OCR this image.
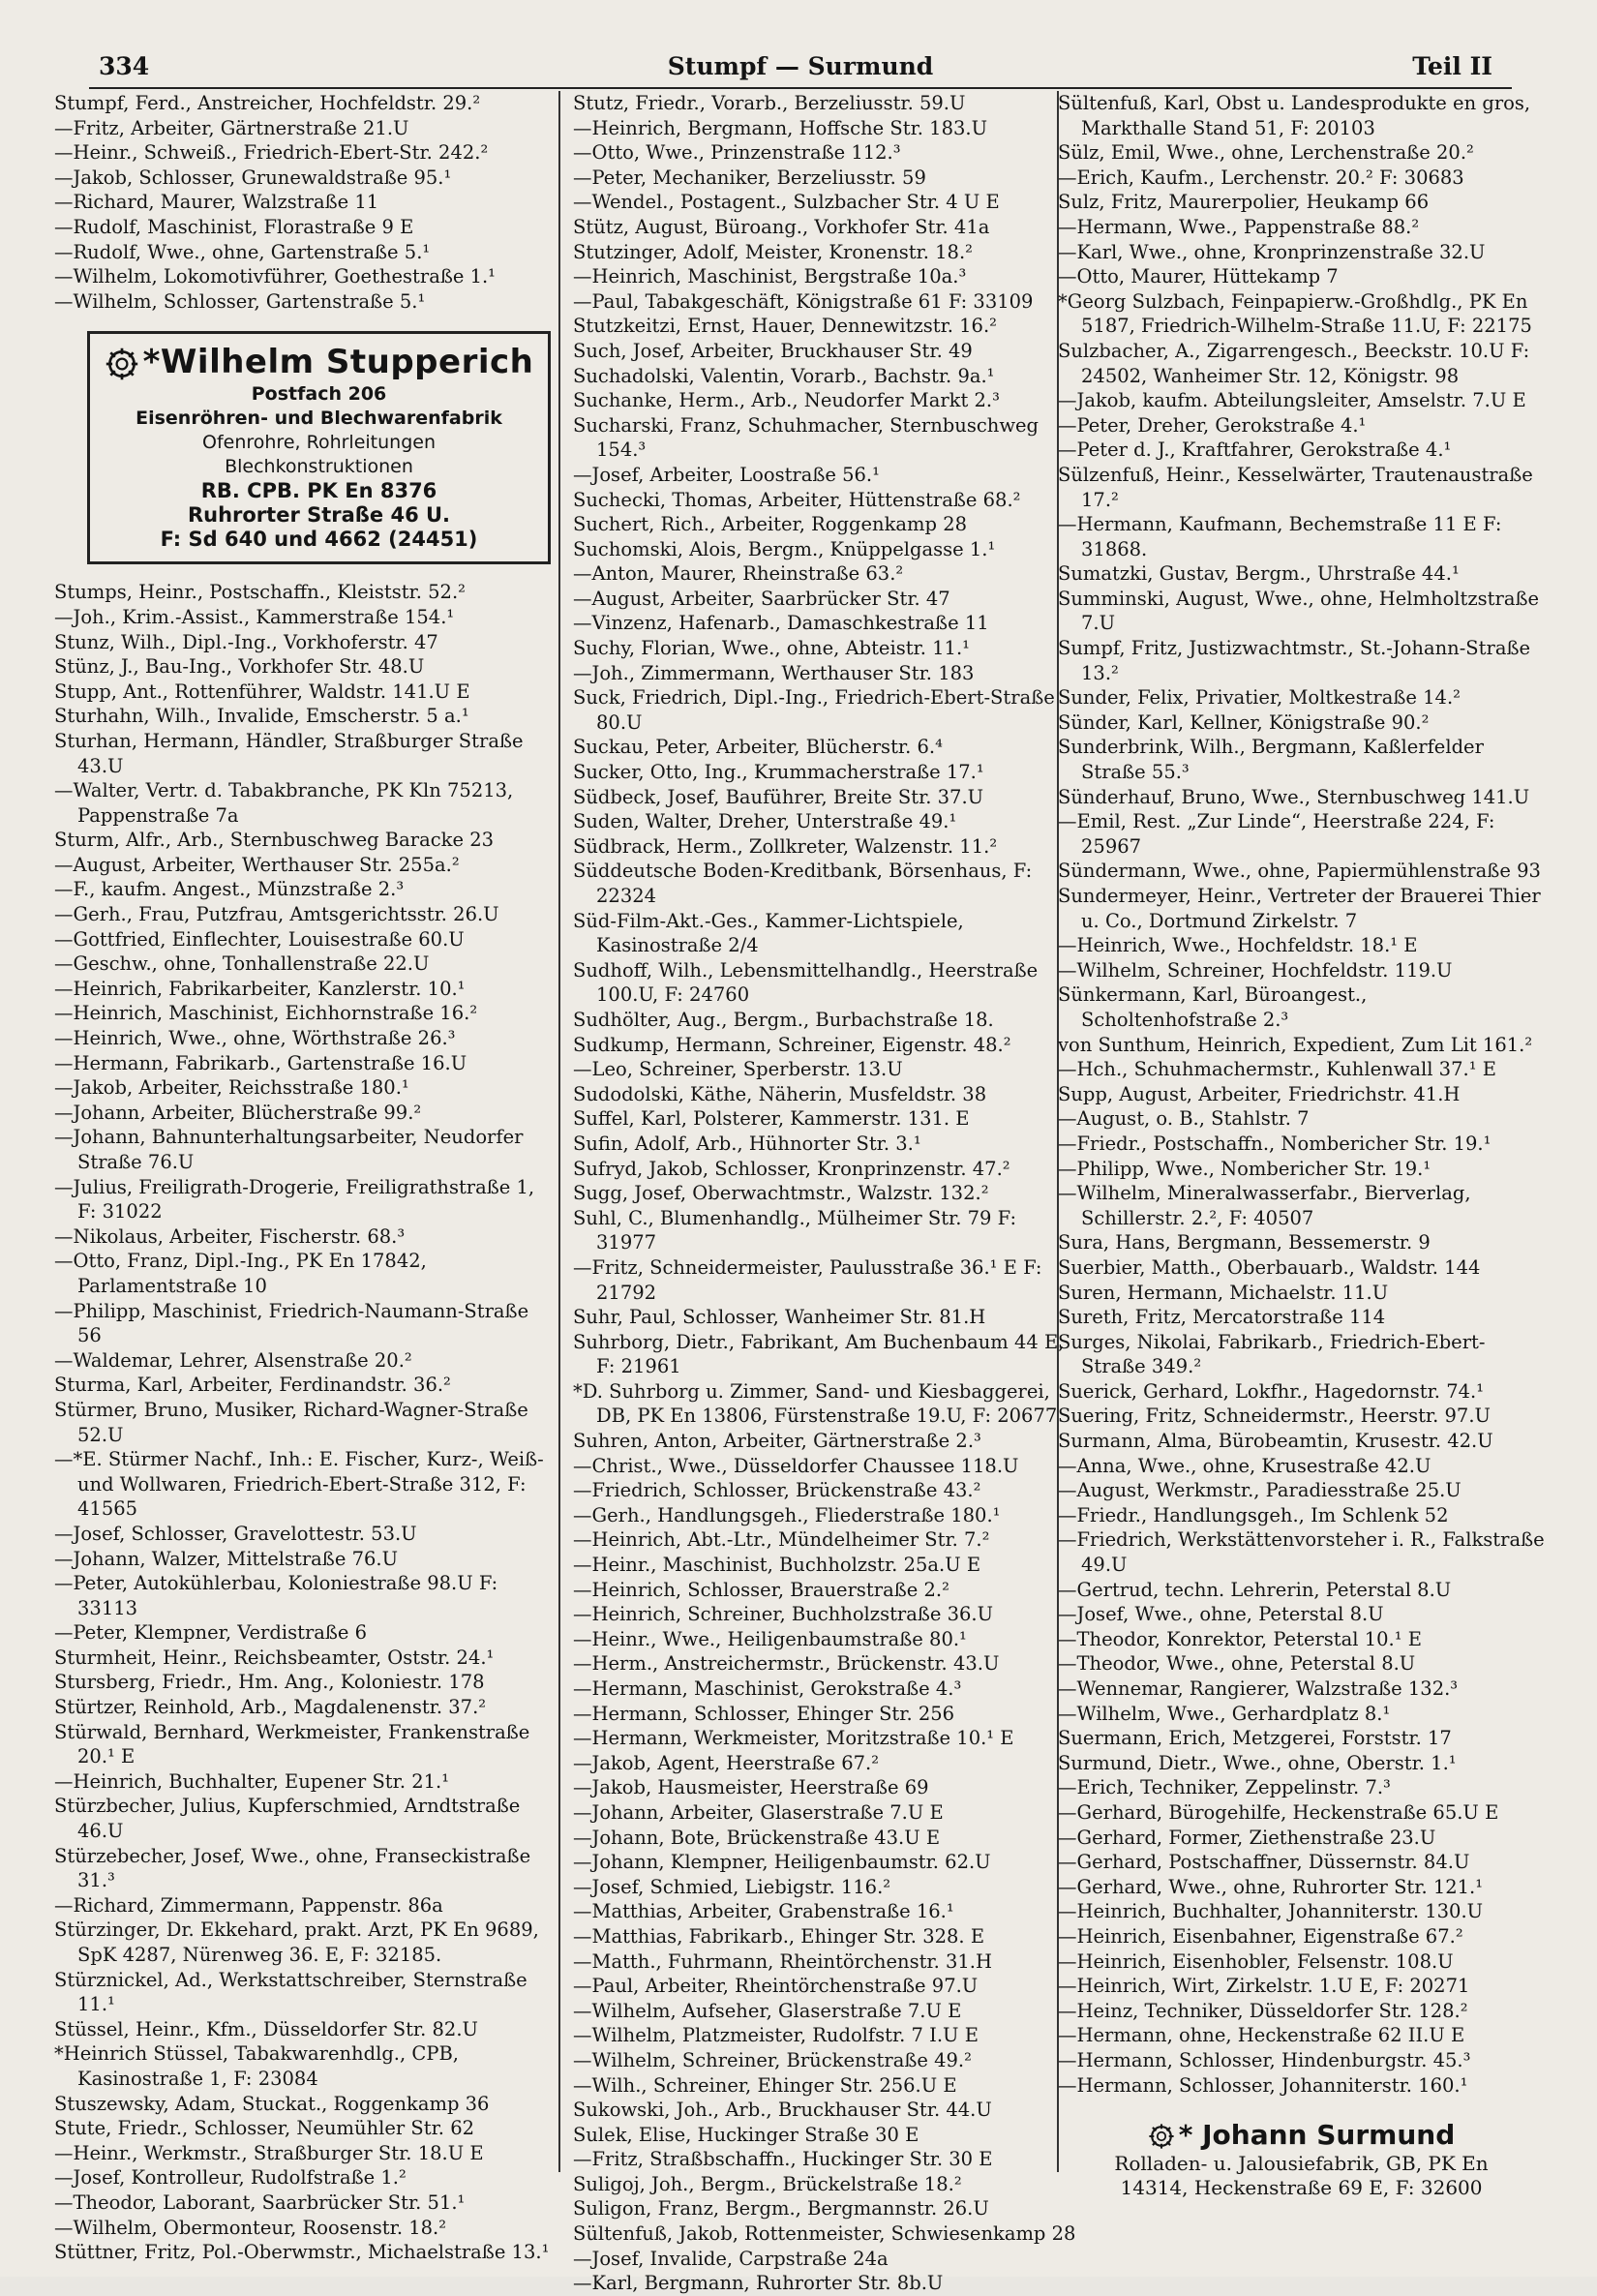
334	Stumpf — Surmund	Teil II
Stumpf, Ferd., Anstreicher, Hochfeldstr. 29.²
—Fritz, Arbeiter, Gärtnerstraße 21.U
—Heinr., Schweiß., Friedrich-Ebert-Str. 242.²
—Jakob, Schlosser, Grunewaldstraße 95.¹
—Richard, Maurer, Walzstraße 11
—Rudolf, Maschinist, Florastraße 9 E
—Rudolf, Wwe., ohne, Gartenstraße 5.¹
—Wilhelm, Lokomotivführer, Goethestraße 1.¹
—Wilhelm, Schlosser, Gartenstraße 5.¹
*Wilhelm Stupperich
Postfach 206
Eisenröhren- und Blechwarenfabrik
Ofenrohre, Rohrleitungen
Blechkonstruktionen
RB. CPB. PK En 8376
Ruhrorter Straße 46 U.
F: Sd 640 und 4662 (24451)
Stumps, Heinr., Postschaffn., Kleiststr. 52.²
—Joh., Krim.-Assist., Kammerstraße 154.¹
Stunz, Wilh., Dipl.-Ing., Vorkhoferstr. 47
Stünz, J., Bau-Ing., Vorkhofer Str. 48.U
Stupp, Ant., Rottenführer, Waldstr. 141.U E
Sturhahn, Wilh., Invalide, Emscherstr. 5 a.¹
Sturhan, Hermann, Händler, Straßburger Straße 43.U
—Walter, Vertr. d. Tabakbranche, PK Kln 75213, Pappenstraße 7a
Sturm, Alfr., Arb., Sternbuschweg Baracke 23
—August, Arbeiter, Werthauser Str. 255a.²
—F., kaufm. Angest., Münzstraße 2.³
—Gerh., Frau, Putzfrau, Amtsgerichtsstr. 26.U
—Gottfried, Einflechter, Louisestraße 60.U
—Geschw., ohne, Tonhallenstraße 22.U
—Heinrich, Fabrikarbeiter, Kanzlerstr. 10.¹
—Heinrich, Maschinist, Eichhornstraße 16.²
—Heinrich, Wwe., ohne, Wörthstraße 26.³
—Hermann, Fabrikarb., Gartenstraße 16.U
—Jakob, Arbeiter, Reichsstraße 180.¹
—Johann, Arbeiter, Blücherstraße 99.²
—Johann, Bahnunterhaltungsarbeiter, Neudorfer Straße 76.U
—Julius, Freiligrath-Drogerie, Freiligrathstraße 1, F: 31022
—Nikolaus, Arbeiter, Fischerstr. 68.³
—Otto, Franz, Dipl.-Ing., PK En 17842, Parlamentstraße 10
—Philipp, Maschinist, Friedrich-Naumann-Straße 56
—Waldemar, Lehrer, Alsenstraße 20.²
Sturma, Karl, Arbeiter, Ferdinandstr. 36.²
Stürmer, Bruno, Musiker, Richard-Wagner-Straße 52.U
—*E. Stürmer Nachf., Inh.: E. Fischer, Kurz-, Weiß- und Wollwaren, Friedrich-Ebert-Straße 312, F: 41565
—Josef, Schlosser, Gravelottestr. 53.U
—Johann, Walzer, Mittelstraße 76.U
—Peter, Autokühlerbau, Koloniestraße 98.U F: 33113
—Peter, Klempner, Verdistraße 6
Sturmheit, Heinr., Reichsbeamter, Oststr. 24.¹
Stursberg, Friedr., Hm. Ang., Koloniestr. 178
Stürtzer, Reinhold, Arb., Magdalenenstr. 37.²
Stürwald, Bernhard, Werkmeister, Frankenstraße 20.¹ E
—Heinrich, Buchhalter, Eupener Str. 21.¹
Stürzbecher, Julius, Kupferschmied, Arndtstraße 46.U
Stürzebecher, Josef, Wwe., ohne, Franseckistraße 31.³
—Richard, Zimmermann, Pappenstr. 86a
Stürzinger, Dr. Ekkehard, prakt. Arzt, PK En 9689, SpK 4287, Nürenweg 36. E, F: 32185.
Stürznickel, Ad., Werkstattschreiber, Sternstraße 11.¹
Stüssel, Heinr., Kfm., Düsseldorfer Str. 82.U
*Heinrich Stüssel, Tabakwarenhdlg., CPB, Kasinostraße 1, F: 23084
Stuszewsky, Adam, Stuckat., Roggenkamp 36
Stute, Friedr., Schlosser, Neumühler Str. 62
—Heinr., Werkmstr., Straßburger Str. 18.U E
—Josef, Kontrolleur, Rudolfstraße 1.²
—Theodor, Laborant, Saarbrücker Str. 51.¹
—Wilhelm, Obermonteur, Roosenstr. 18.²
Stüttner, Fritz, Pol.-Oberwmstr., Michaelstraße 13.¹
Stutz, Friedr., Vorarb., Berzeliusstr. 59.U
—Heinrich, Bergmann, Hoffsche Str. 183.U
—Otto, Wwe., Prinzenstraße 112.³
—Peter, Mechaniker, Berzeliusstr. 59
—Wendel., Postagent., Sulzbacher Str. 4 U E
Stütz, August, Büroang., Vorkhofer Str. 41a
Stutzinger, Adolf, Meister, Kronenstr. 18.²
—Heinrich, Maschinist, Bergstraße 10a.³
—Paul, Tabakgeschäft, Königstraße 61 F: 33109
Stutzkeitzi, Ernst, Hauer, Dennewitzstr. 16.²
Such, Josef, Arbeiter, Bruckhauser Str. 49
Suchadolski, Valentin, Vorarb., Bachstr. 9a.¹
Suchanke, Herm., Arb., Neudorfer Markt 2.³
Sucharski, Franz, Schuhmacher, Sternbuschweg 154.³
—Josef, Arbeiter, Loostraße 56.¹
Suchecki, Thomas, Arbeiter, Hüttenstraße 68.²
Suchert, Rich., Arbeiter, Roggenkamp 28
Suchomski, Alois, Bergm., Knüppelgasse 1.¹
—Anton, Maurer, Rheinstraße 63.²
—August, Arbeiter, Saarbrücker Str. 47
—Vinzenz, Hafenarb., Damaschkestraße 11
Suchy, Florian, Wwe., ohne, Abteistr. 11.¹
—Joh., Zimmermann, Werthauser Str. 183
Suck, Friedrich, Dipl.-Ing., Friedrich-Ebert-Straße 80.U
Suckau, Peter, Arbeiter, Blücherstr. 6.⁴
Sucker, Otto, Ing., Krummacherstraße 17.¹
Südbeck, Josef, Bauführer, Breite Str. 37.U
Suden, Walter, Dreher, Unterstraße 49.¹
Südbrack, Herm., Zollkreter, Walzenstr. 11.²
Süddeutsche Boden-Kreditbank, Börsenhaus, F: 22324
Süd-Film-Akt.-Ges., Kammer-Lichtspiele, Kasinostraße 2/4
Sudhoff, Wilh., Lebensmittelhandlg., Heerstraße 100.U, F: 24760
Sudhölter, Aug., Bergm., Burbachstraße 18.
Sudkump, Hermann, Schreiner, Eigenstr. 48.²
—Leo, Schreiner, Sperberstr. 13.U
Sudodolski, Käthe, Näherin, Musfeldstr. 38
Suffel, Karl, Polsterer, Kammerstr. 131. E
Sufin, Adolf, Arb., Hühnorter Str. 3.¹
Sufryd, Jakob, Schlosser, Kronprinzenstr. 47.²
Sugg, Josef, Oberwachtmstr., Walzstr. 132.²
Suhl, C., Blumenhandlg., Mülheimer Str. 79 F: 31977
—Fritz, Schneidermeister, Paulusstraße 36.¹ E F: 21792
Suhr, Paul, Schlosser, Wanheimer Str. 81.H
Suhrborg, Dietr., Fabrikant, Am Buchenbaum 44 E, F: 21961
*D. Suhrborg u. Zimmer, Sand- und Kiesbaggerei, DB, PK En 13806, Fürstenstraße 19.U, F: 20677
Suhren, Anton, Arbeiter, Gärtnerstraße 2.³
—Christ., Wwe., Düsseldorfer Chaussee 118.U
—Friedrich, Schlosser, Brückenstraße 43.²
—Gerh., Handlungsgeh., Fliederstraße 180.¹
—Heinrich, Abt.-Ltr., Mündelheimer Str. 7.²
—Heinr., Maschinist, Buchholzstr. 25a.U E
—Heinrich, Schlosser, Brauerstraße 2.²
—Heinrich, Schreiner, Buchholzstraße 36.U
—Heinr., Wwe., Heiligenbaumstraße 80.¹
—Herm., Anstreichermstr., Brückenstr. 43.U
—Hermann, Maschinist, Gerokstraße 4.³
—Hermann, Schlosser, Ehinger Str. 256
—Hermann, Werkmeister, Moritzstraße 10.¹ E
—Jakob, Agent, Heerstraße 67.²
—Jakob, Hausmeister, Heerstraße 69
—Johann, Arbeiter, Glaserstraße 7.U E
—Johann, Bote, Brückenstraße 43.U E
—Johann, Klempner, Heiligenbaumstr. 62.U
—Josef, Schmied, Liebigstr. 116.²
—Matthias, Arbeiter, Grabenstraße 16.¹
—Matthias, Fabrikarb., Ehinger Str. 328. E
—Matth., Fuhrmann, Rheintörchenstr. 31.H
—Paul, Arbeiter, Rheintörchenstraße 97.U
—Wilhelm, Aufseher, Glaserstraße 7.U E
—Wilhelm, Platzmeister, Rudolfstr. 7 I.U E
—Wilhelm, Schreiner, Brückenstraße 49.²
—Wilh., Schreiner, Ehinger Str. 256.U E
Sukowski, Joh., Arb., Bruckhauser Str. 44.U
Sulek, Elise, Huckinger Straße 30 E
—Fritz, Straßbschaffn., Huckinger Str. 30 E
Suligoj, Joh., Bergm., Brückelstraße 18.²
Suligon, Franz, Bergm., Bergmannstr. 26.U
Sültenfuß, Jakob, Rottenmeister, Schwiesenkamp 28
—Josef, Invalide, Carpstraße 24a
—Karl, Bergmann, Ruhrorter Str. 8b.U
Sültenfuß, Karl, Obst u. Landesprodukte en gros, Markthalle Stand 51, F: 20103
Sülz, Emil, Wwe., ohne, Lerchenstraße 20.²
—Erich, Kaufm., Lerchenstr. 20.² F: 30683
Sulz, Fritz, Maurerpolier, Heukamp 66
—Hermann, Wwe., Pappenstraße 88.²
—Karl, Wwe., ohne, Kronprinzenstraße 32.U
—Otto, Maurer, Hüttekamp 7
*Georg Sulzbach, Feinpapierw.-Großhdlg., PK En 5187, Friedrich-Wilhelm-Straße 11.U, F: 22175
Sulzbacher, A., Zigarrengesch., Beeckstr. 10.U F: 24502, Wanheimer Str. 12, Königstr. 98
—Jakob, kaufm. Abteilungsleiter, Amselstr. 7.U E
—Peter, Dreher, Gerokstraße 4.¹
—Peter d. J., Kraftfahrer, Gerokstraße 4.¹
Sülzenfuß, Heinr., Kesselwärter, Trautenaustraße 17.²
—Hermann, Kaufmann, Bechemstraße 11 E F: 31868.
Sumatzki, Gustav, Bergm., Uhrstraße 44.¹
Summinski, August, Wwe., ohne, Helmholtzstraße 7.U
Sumpf, Fritz, Justizwachtmstr., St.-Johann-Straße 13.²
Sunder, Felix, Privatier, Moltkestraße 14.²
Sünder, Karl, Kellner, Königstraße 90.²
Sunderbrink, Wilh., Bergmann, Kaßlerfelder Straße 55.³
Sünderhauf, Bruno, Wwe., Sternbuschweg 141.U
—Emil, Rest. „Zur Linde“, Heerstraße 224, F: 25967
Sündermann, Wwe., ohne, Papiermühlenstraße 93
Sundermeyer, Heinr., Vertreter der Brauerei Thier u. Co., Dortmund Zirkelstr. 7
—Heinrich, Wwe., Hochfeldstr. 18.¹ E
—Wilhelm, Schreiner, Hochfeldstr. 119.U
Sünkermann, Karl, Büroangest., Scholtenhofstraße 2.³
von Sunthum, Heinrich, Expedient, Zum Lit 161.²
—Hch., Schuhmachermstr., Kuhlenwall 37.¹ E
Supp, August, Arbeiter, Friedrichstr. 41.H
—August, o. B., Stahlstr. 7
—Friedr., Postschaffn., Nombericher Str. 19.¹
—Philipp, Wwe., Nombericher Str. 19.¹
—Wilhelm, Mineralwasserfabr., Bierverlag, Schillerstr. 2.², F: 40507
Sura, Hans, Bergmann, Bessemerstr. 9
Suerbier, Matth., Oberbauarb., Waldstr. 144
Suren, Hermann, Michaelstr. 11.U
Sureth, Fritz, Mercatorstraße 114
Surges, Nikolai, Fabrikarb., Friedrich-Ebert-Straße 349.²
Suerick, Gerhard, Lokfhr., Hagedornstr. 74.¹
Suering, Fritz, Schneidermstr., Heerstr. 97.U
Surmann, Alma, Bürobeamtin, Krusestr. 42.U
—Anna, Wwe., ohne, Krusestraße 42.U
—August, Werkmstr., Paradiesstraße 25.U
—Friedr., Handlungsgeh., Im Schlenk 52
—Friedrich, Werkstättenvorsteher i. R., Falkstraße 49.U
—Gertrud, techn. Lehrerin, Peterstal 8.U
—Josef, Wwe., ohne, Peterstal 8.U
—Theodor, Konrektor, Peterstal 10.¹ E
—Theodor, Wwe., ohne, Peterstal 8.U
—Wennemar, Rangierer, Walzstraße 132.³
—Wilhelm, Wwe., Gerhardplatz 8.¹
Suermann, Erich, Metzgerei, Forststr. 17
Surmund, Dietr., Wwe., ohne, Oberstr. 1.¹
—Erich, Techniker, Zeppelinstr. 7.³
—Gerhard, Bürogehilfe, Heckenstraße 65.U E
—Gerhard, Former, Ziethenstraße 23.U
—Gerhard, Postschaffner, Düssernstr. 84.U
—Gerhard, Wwe., ohne, Ruhrorter Str. 121.¹
—Heinrich, Buchhalter, Johanniterstr. 130.U
—Heinrich, Eisenbahner, Eigenstraße 67.²
—Heinrich, Eisenhobler, Felsenstr. 108.U
—Heinrich, Wirt, Zirkelstr. 1.U E, F: 20271
—Heinz, Techniker, Düsseldorfer Str. 128.²
—Hermann, ohne, Heckenstraße 62 II.U E
—Hermann, Schlosser, Hindenburgstr. 45.³
—Hermann, Schlosser, Johanniterstr. 160.¹
* Johann Surmund
Rolladen- u. Jalousiefabrik, GB, PK En
14314, Heckenstraße 69 E, F: 32600
